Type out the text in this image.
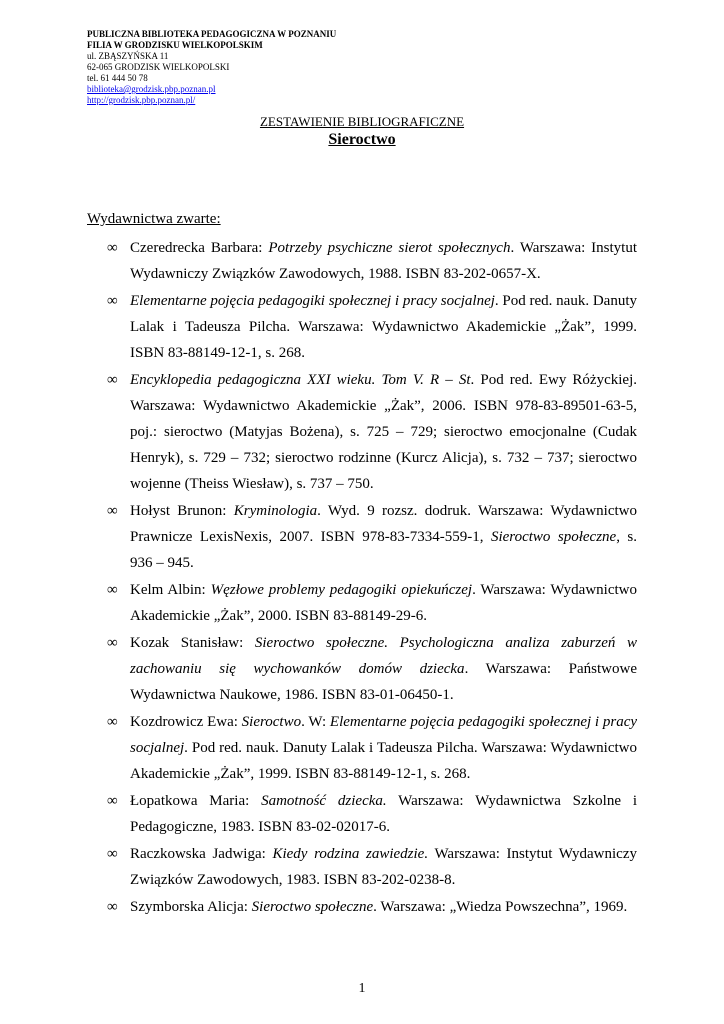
PUBLICZNA BIBLIOTEKA PEDAGOGICZNA W POZNANIU
FILIA W GRODZISKU WIELKOPOLSKIM
ul. ZBĄSZYŃSKA 11
62-065 GRODZISK WIELKOPOLSKI
tel. 61 444 50 78
biblioteka@grodzisk.pbp.poznan.pl
http://grodzisk.pbp.poznan.pl/
ZESTAWIENIE BIBLIOGRAFICZNE
Sieroctwo
Wydawnictwa zwarte:
∞ Czeredrecka Barbara: Potrzeby psychiczne sierot społecznych. Warszawa: Instytut Wydawniczy Związków Zawodowych, 1988. ISBN 83-202-0657-X.
∞ Elementarne pojęcia pedagogiki społecznej i pracy socjalnej. Pod red. nauk. Danuty Lalak i Tadeusza Pilcha. Warszawa: Wydawnictwo Akademickie „Żak”, 1999. ISBN 83-88149-12-1, s. 268.
∞ Encyklopedia pedagogiczna XXI wieku. Tom V. R – St. Pod red. Ewy Różyckiej. Warszawa: Wydawnictwo Akademickie „Żak”, 2006. ISBN 978-83-89501-63-5, poj.: sieroctwo (Matyjas Bożena), s. 725 – 729; sieroctwo emocjonalne (Cudak Henryk), s. 729 – 732; sieroctwo rodzinne (Kurcz Alicja), s. 732 – 737; sieroctwo wojenne (Theiss Wiesław), s. 737 – 750.
∞ Hołyst Brunon: Kryminologia. Wyd. 9 rozsz. dodruk. Warszawa: Wydawnictwo Prawnicze LexisNexis, 2007. ISBN 978-83-7334-559-1, Sieroctwo społeczne, s. 936 – 945.
∞ Kelm Albin: Węzłowe problemy pedagogiki opiekuńczej. Warszawa: Wydawnictwo Akademickie „Żak”, 2000. ISBN 83-88149-29-6.
∞ Kozak Stanisław: Sieroctwo społeczne. Psychologiczna analiza zaburzeń w zachowaniu się wychowanków domów dziecka. Warszawa: Państwowe Wydawnictwa Naukowe, 1986. ISBN 83-01-06450-1.
∞ Kozdrowicz Ewa: Sieroctwo. W: Elementarne pojęcia pedagogiki społecznej i pracy socjalnej. Pod red. nauk. Danuty Lalak i Tadeusza Pilcha. Warszawa: Wydawnictwo Akademickie „Żak”, 1999. ISBN 83-88149-12-1, s. 268.
∞ Łopatkowa Maria: Samotność dziecka. Warszawa: Wydawnictwa Szkolne i Pedagogiczne, 1983. ISBN 83-02-02017-6.
∞ Raczkowska Jadwiga: Kiedy rodzina zawiedzie. Warszawa: Instytut Wydawniczy Związków Zawodowych, 1983. ISBN 83-202-0238-8.
∞ Szymborska Alicja: Sieroctwo społeczne. Warszawa: „Wiedza Powszechna”, 1969.
1
